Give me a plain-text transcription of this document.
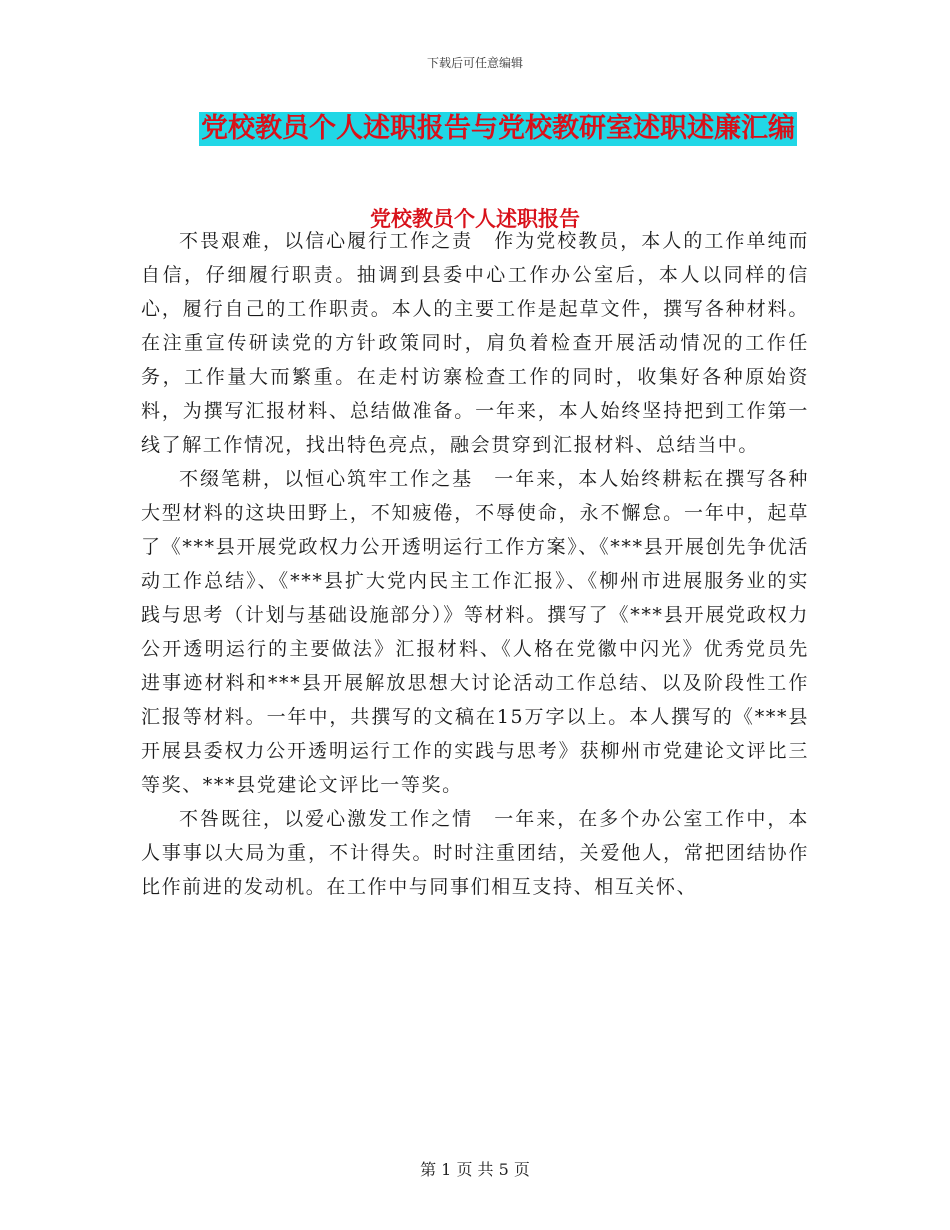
下载后可任意编辑
党校教员个人述职报告与党校教研室述职述廉汇编
党校教员个人述职报告

不畏艰难，以信心履行工作之责　作为党校教员，本人的工作单纯而自信，仔细履行职责。抽调到县委中心工作办公室后，本人以同样的信心，履行自己的工作职责。本人的主要工作是起草文件，撰写各种材料。在注重宣传研读党的方针政策同时，肩负着检查开展活动情况的工作任务，工作量大而繁重。在走村访寨检查工作的同时，收集好各种原始资料，为撰写汇报材料、总结做准备。一年来，本人始终坚持把到工作第一线了解工作情况，找出特色亮点，融会贯穿到汇报材料、总结当中。

不缀笔耕，以恒心筑牢工作之基　一年来，本人始终耕耘在撰写各种大型材料的这块田野上，不知疲倦，不辱使命，永不懈怠。一年中，起草了《***县开展党政权力公开透明运行工作方案》、《***县开展创先争优活动工作总结》、《***县扩大党内民主工作汇报》、《柳州市进展服务业的实践与思考（计划与基础设施部分）》等材料。撰写了《***县开展党政权力公开透明运行的主要做法》汇报材料、《人格在党徽中闪光》优秀党员先进事迹材料和***县开展解放思想大讨论活动工作总结、以及阶段性工作汇报等材料。一年中，共撰写的文稿在15万字以上。本人撰写的《***县开展县委权力公开透明运行工作的实践与思考》获柳州市党建论文评比三等奖、***县党建论文评比一等奖。

不咎既往，以爱心激发工作之情　一年来，在多个办公室工作中，本人事事以大局为重，不计得失。时时注重团结，关爱他人，常把团结协作比作前进的发动机。在工作中与同事们相互支持、相互关怀、

第 1 页 共 5 页
